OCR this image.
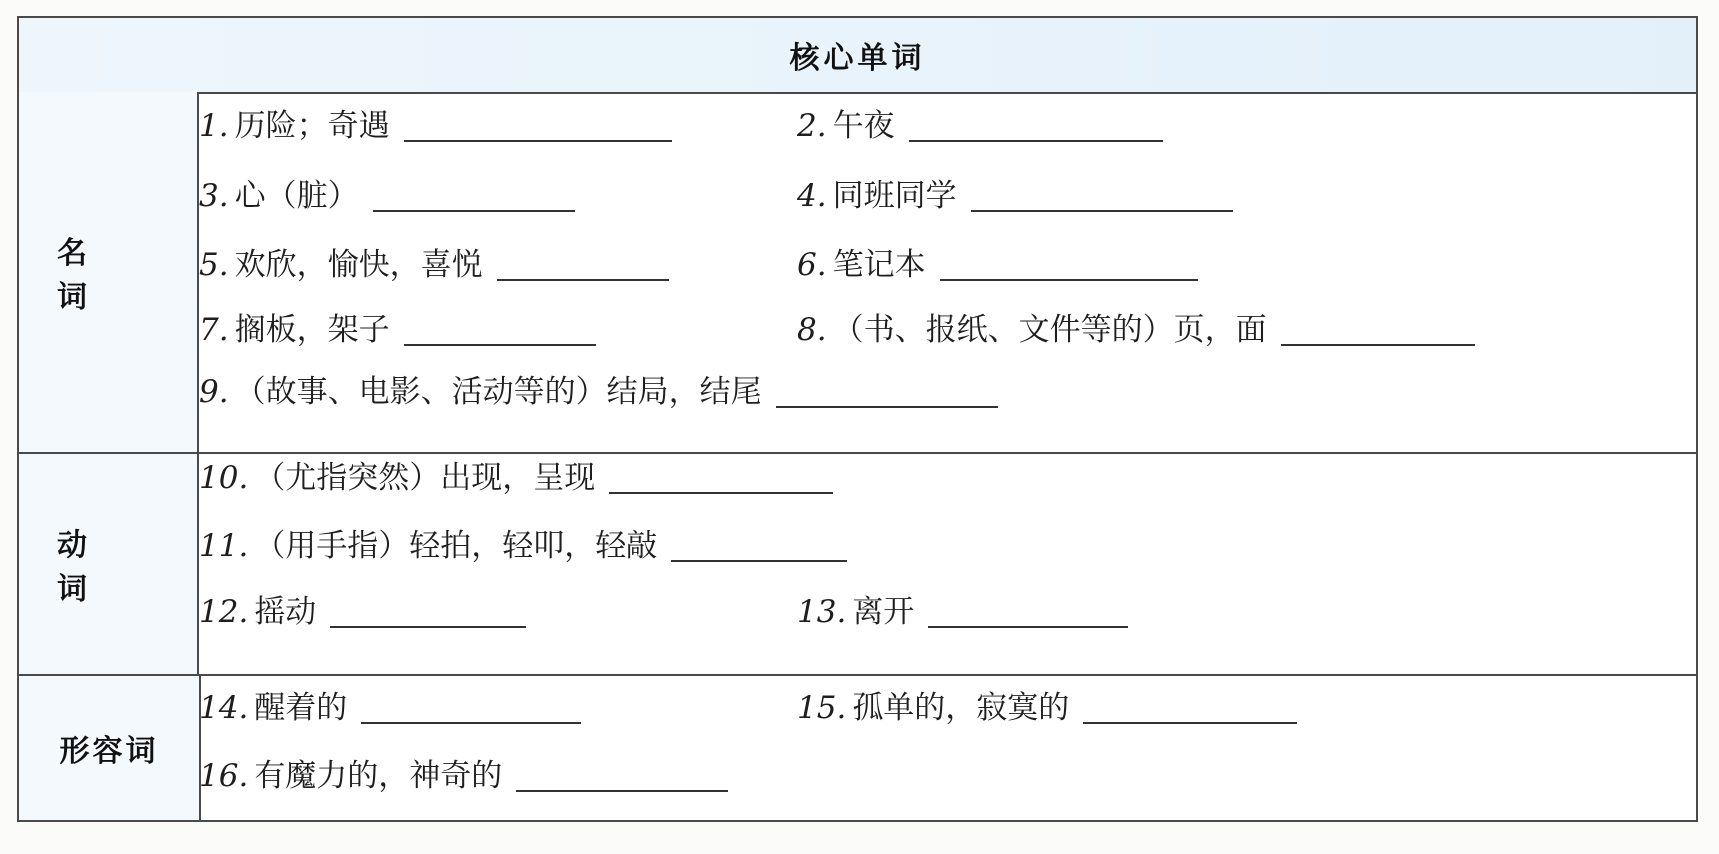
核心单词
名 词
1. 历险；奇遇	2. 午夜
3. 心（脏）	4. 同班同学
5. 欢欣，愉快，喜悦	6. 笔记本
7. 搁板，架子	8. （书、报纸、文件等的）页，面
9. （故事、电影、活动等的）结局，结尾
动 词
10. （尤指突然）出现，呈现
11. （用手指）轻拍，轻叩，轻敲
12. 摇动	13. 离开
形容词
14. 醒着的	15. 孤单的，寂寞的
16. 有魔力的，神奇的
